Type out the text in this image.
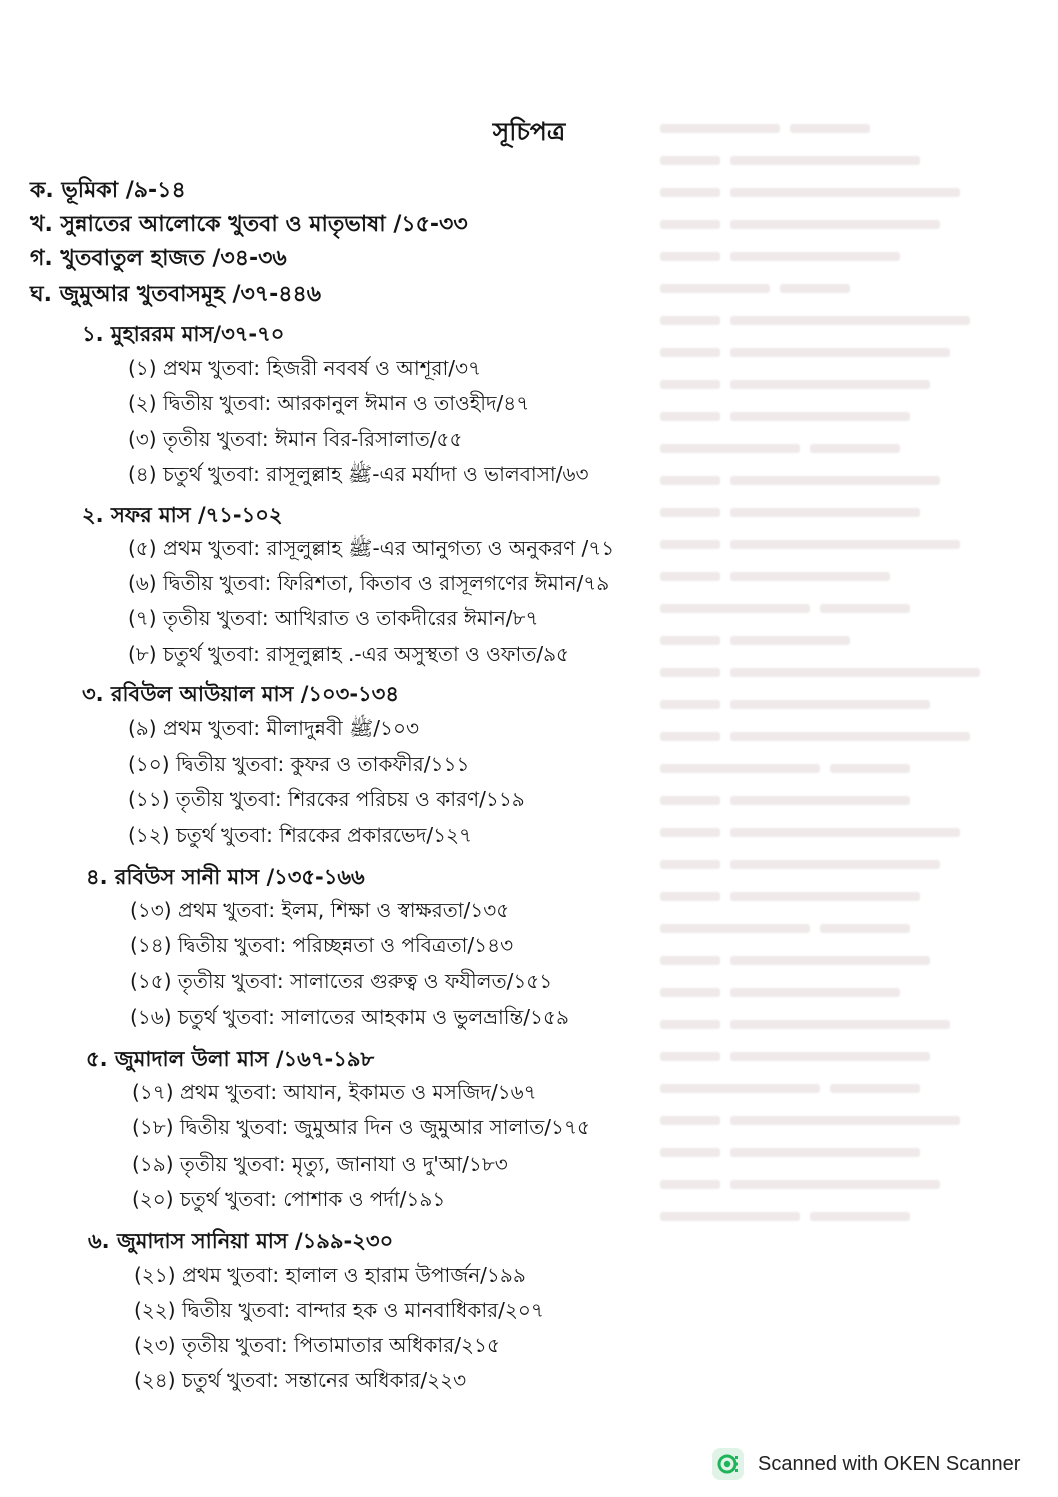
সূচিপত্র
ক. ভূমিকা /৯-১৪
খ. সুন্নাতের আলোকে খুতবা ও মাতৃভাষা /১৫-৩৩
গ. খুতবাতুল হাজত /৩৪-৩৬
ঘ. জুমুআর খুতবাসমূহ /৩৭-৪৪৬
১. মুহাররম মাস/৩৭-৭০
(১) প্রথম খুতবা: হিজরী নববর্ষ ও আশূরা/৩৭
(২) দ্বিতীয় খুতবা: আরকানুল ঈমান ও তাওহীদ/৪৭
(৩) তৃতীয় খুতবা: ঈমান বির-রিসালাত/৫৫
(৪) চতুর্থ খুতবা: রাসূলুল্লাহ ﷺ-এর মর্যাদা ও ভালবাসা/৬৩
২. সফর মাস /৭১-১০২
(৫) প্রথম খুতবা: রাসূলুল্লাহ ﷺ-এর আনুগত্য ও অনুকরণ /৭১
(৬) দ্বিতীয় খুতবা: ফিরিশতা, কিতাব ও রাসূলগণের ঈমান/৭৯
(৭) তৃতীয় খুতবা: আখিরাত ও তাকদীরের ঈমান/৮৭
(৮) চতুর্থ খুতবা: রাসূলুল্লাহ .-এর অসুস্থতা ও ওফাত/৯৫
৩. রবিউল আউয়াল মাস /১০৩-১৩৪
(৯) প্রথম খুতবা: মীলাদুন্নবী ﷺ/১০৩
(১০) দ্বিতীয় খুতবা: কুফর ও তাকফীর/১১১
(১১) তৃতীয় খুতবা: শিরকের পরিচয় ও কারণ/১১৯
(১২) চতুর্থ খুতবা: শিরকের প্রকারভেদ/১২৭
৪. রবিউস সানী মাস /১৩৫-১৬৬
(১৩) প্রথম খুতবা: ইলম, শিক্ষা ও স্বাক্ষরতা/১৩৫
(১৪) দ্বিতীয় খুতবা: পরিচ্ছন্নতা ও পবিত্রতা/১৪৩
(১৫) তৃতীয় খুতবা: সালাতের গুরুত্ব ও ফযীলত/১৫১
(১৬) চতুর্থ খুতবা: সালাতের আহকাম ও ভুলভ্রান্তি/১৫৯
৫. জুমাদাল উলা মাস /১৬৭-১৯৮
(১৭) প্রথম খুতবা: আযান, ইকামত ও মসজিদ/১৬৭
(১৮) দ্বিতীয় খুতবা: জুমুআর দিন ও জুমুআর সালাত/১৭৫
(১৯) তৃতীয় খুতবা: মৃত্যু, জানাযা ও দু'আ/১৮৩
(২০) চতুর্থ খুতবা: পোশাক ও পর্দা/১৯১
৬. জুমাদাস সানিয়া মাস /১৯৯-২৩০
(২১) প্রথম খুতবা: হালাল ও হারাম উপার্জন/১৯৯
(২২) দ্বিতীয় খুতবা: বান্দার হক ও মানবাধিকার/২০৭
(২৩) তৃতীয় খুতবা: পিতামাতার অধিকার/২১৫
(২৪) চতুর্থ খুতবা: সন্তানের অধিকার/২২৩
Scanned with OKEN Scanner
